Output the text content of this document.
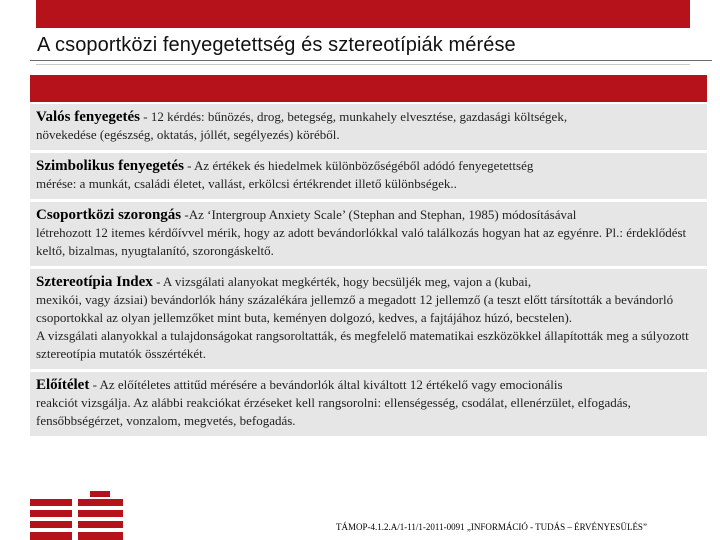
A csoportközi fenyegetettség és sztereotípiák mérése

Valós fenyegetés - 12 kérdés: bűnözés, drog, betegség, munkahely elvesztése, gazdasági költségek,

növekedése (egészség, oktatás, jóllét, segélyezés) köréből.

Szimbolikus fenyegetés - Az értékek és hiedelmek különbözőségéből adódó fenyegetettség

mérése: a munkát, családi életet, vallást, erkölcsi értékrendet illető különbségek..

Csoportközi szorongás -Az ‘Intergroup Anxiety Scale’ (Stephan and Stephan, 1985) módosításával

létrehozott 12 itemes kérdőívvel mérik, hogy az adott bevándorlókkal való találkozás hogyan hat az egyénre. Pl.: érdeklődést keltő, bizalmas, nyugtalanító, szorongáskeltő.

Sztereotípia Index - A vizsgálati alanyokat megkérték, hogy becsüljék meg, vajon a (kubai,

mexikói, vagy ázsiai) bevándorlók hány százalékára jellemző a megadott 12 jellemző (a teszt előtt társították a bevándorló csoportokkal az olyan jellemzőket mint buta, keményen dolgozó, kedves, a fajtájához húzó, becstelen).

A vizsgálati alanyokkal a tulajdonságokat rangsoroltatták, és megfelelő matematikai eszközökkel állapították meg a súlyozott sztereotípia mutatók összértékét.

Előítélet - Az előítéletes attitűd mérésére a bevándorlók által kiváltott 12 értékelő vagy emocionális

reakciót vizsgálja. Az alábbi reakciókat érzéseket kell rangsorolni: ellenségesség, csodálat, ellenérzület, elfogadás, fensőbbségérzet, vonzalom, megvetés, befogadás.

TÁMOP-4.1.2.A/1-11/1-2011-0091 „INFORMÁCIÓ - TUDÁS – ÉRVÉNYESÜLÉS”
